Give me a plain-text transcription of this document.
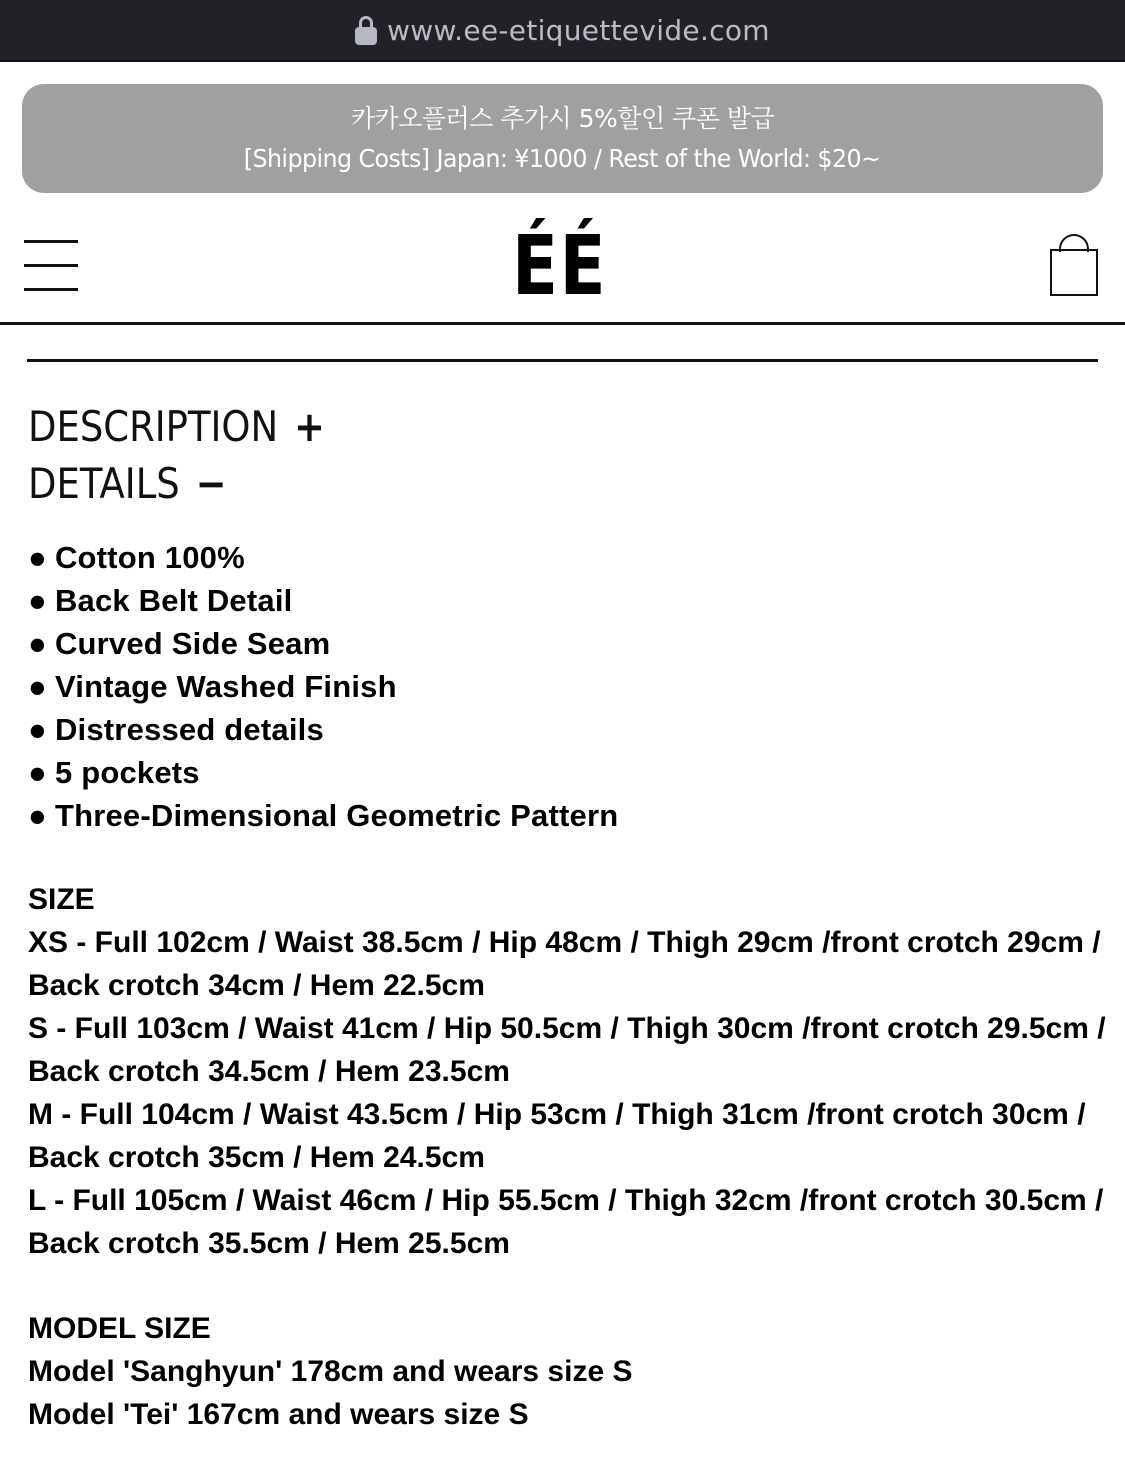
www.ee-etiquettevide.com
카카오플러스 추가시 5%할인 쿠폰 발급
[Shipping Costs] Japan: ¥1000 / Rest of the World: $20~
ÉÉ
DESCRIPTION +
DETAILS −
● Cotton 100%
● Back Belt Detail
● Curved Side Seam
● Vintage Washed Finish
● Distressed details
● 5 pockets
● Three-Dimensional Geometric Pattern
SIZE
XS - Full 102cm / Waist 38.5cm / Hip 48cm / Thigh 29cm /front crotch 29cm / Back crotch 34cm / Hem 22.5cm
S - Full 103cm / Waist 41cm / Hip 50.5cm / Thigh 30cm /front crotch 29.5cm / Back crotch 34.5cm / Hem 23.5cm
M - Full 104cm / Waist 43.5cm / Hip 53cm / Thigh 31cm /front crotch 30cm / Back crotch 35cm / Hem 24.5cm
L - Full 105cm / Waist 46cm / Hip 55.5cm / Thigh 32cm /front crotch 30.5cm / Back crotch 35.5cm / Hem 25.5cm
MODEL SIZE
Model 'Sanghyun' 178cm and wears size S
Model 'Tei' 167cm and wears size S
